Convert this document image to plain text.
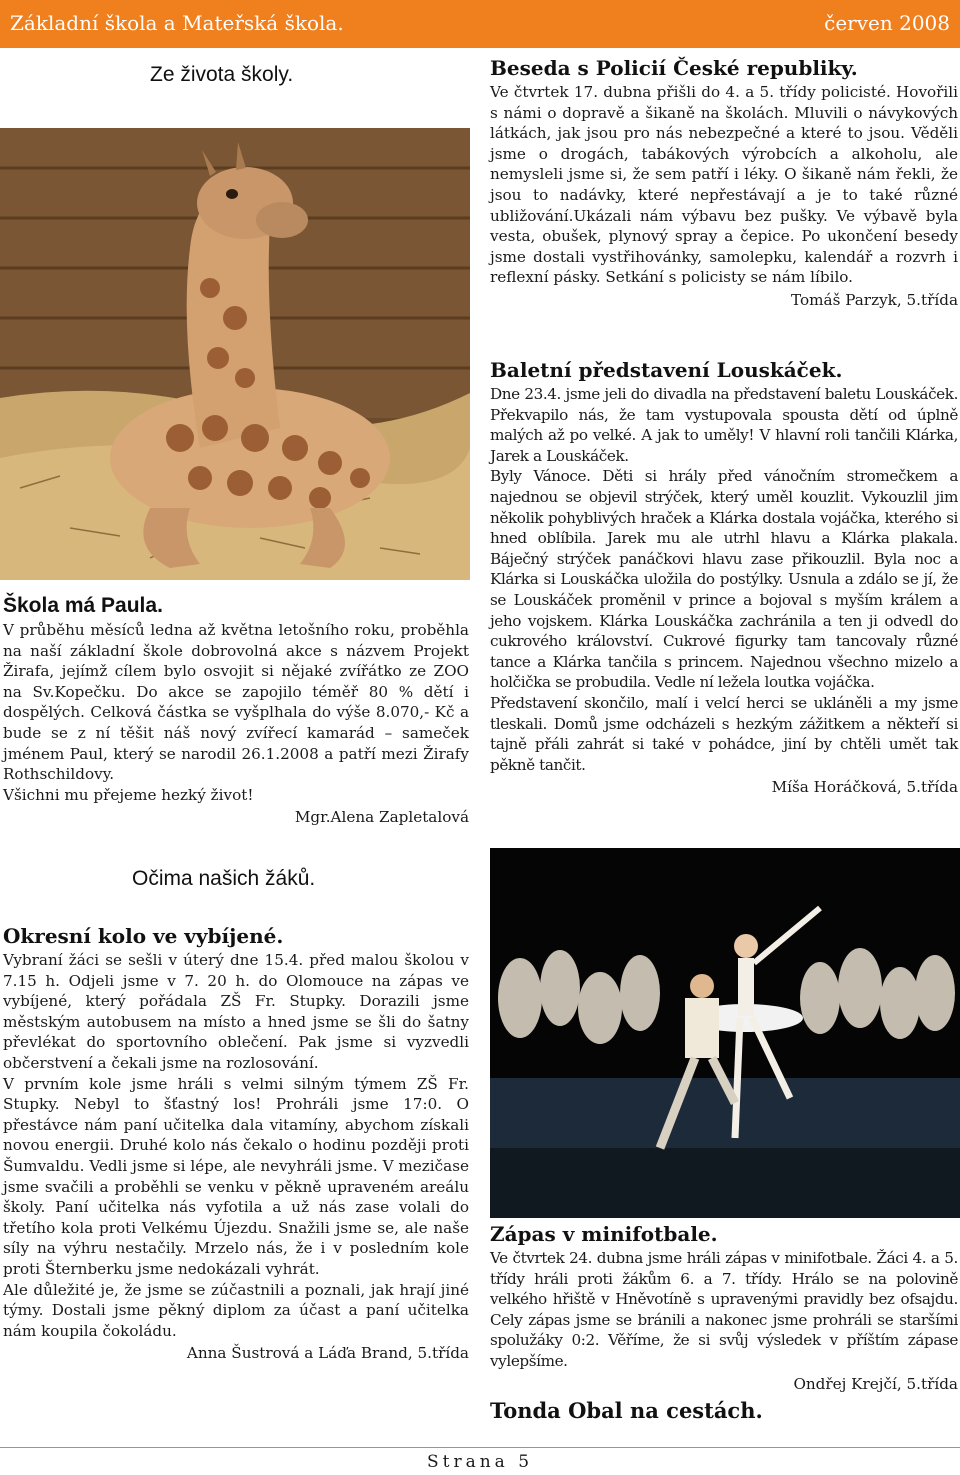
Základní škola a Mateřská škola.	červen 2008
Ze života školy.
Škola má Paula.

V průběhu měsíců ledna až května letošního roku, proběhla na naší základní škole dobrovolná akce s názvem Projekt Žirafa, jejímž cílem bylo osvojit si nějaké zvířátko ze ZOO na Sv.Kopečku. Do akce se zapojilo téměř 80 % dětí i dospělých. Celková částka se vyšplhala do výše 8.070,- Kč a bude se z ní těšit náš nový zvířecí kamarád – sameček jménem Paul, který se narodil 26.1.2008 a patří mezi Žirafy Rothschildovy.

Všichni mu přejeme hezký život!

Mgr.Alena Zapletalová
Očima našich žáků.
Okresní kolo ve vybíjené.

Vybraní žáci se sešli v úterý dne 15.4. před malou školou v 7.15 h. Odjeli jsme v 7. 20 h. do Olomouce na zápas ve vybíjené, který pořádala ZŠ Fr. Stupky. Dorazili jsme městským autobusem na místo a hned jsme se šli do šatny převlékat do sportovního oblečení. Pak jsme si vyzvedli občerstvení a čekali jsme na rozlosování.

V prvním kole jsme hráli s velmi silným týmem ZŠ Fr. Stupky. Nebyl to šťastný los! Prohráli jsme 17:0. O přestávce nám paní učitelka dala vitamíny, abychom získali novou energii. Druhé kolo nás čekalo o hodinu později proti Šumvaldu. Vedli jsme si lépe, ale nevyhráli jsme. V mezičase jsme svačili a proběhli se venku v pěkně upraveném areálu školy. Paní učitelka nás vyfotila a už nás zase volali do třetího kola proti Velkému Újezdu. Snažili jsme se, ale naše síly na výhru nestačily. Mrzelo nás, že i v posledním kole proti Šternberku jsme nedokázali vyhrát.

Ale důležité je, že jsme se zúčastnili a poznali, jak hrají jiné týmy. Dostali jsme pěkný diplom za účast a paní učitelka nám koupila čokoládu.

Anna Šustrová a Láďa Brand, 5.třída
Beseda s Policií České republiky.

Ve čtvrtek 17. dubna přišli do 4. a 5. třídy policisté. Hovořili s námi o dopravě a šikaně na školách. Mluvili o návykových látkách, jak jsou pro nás nebezpečné a které to jsou. Věděli jsme o drogách, tabákových výrobcích a alkoholu, ale nemysleli jsme si, že sem patří i léky. O šikaně nám řekli, že jsou to nadávky, které nepřestávají a je to také různé ubližování.Ukázali nám výbavu bez pušky. Ve výbavě byla vesta, obušek, plynový spray a čepice. Po ukončení besedy jsme dostali vystřihovánky, samolepku, kalendář a rozvrh i reflexní pásky. Setkání s policisty se nám líbilo.

Tomáš Parzyk, 5.třída
Baletní představení Louskáček.

Dne 23.4. jsme jeli do divadla na představení baletu Louskáček. Překvapilo nás, že tam vystupovala spousta dětí od úplně malých až po velké. A jak to uměly! V hlavní roli tančili Klárka, Jarek a Louskáček.

Byly Vánoce. Děti si hrály před vánočním stromečkem a najednou se objevil strýček, který uměl kouzlit. Vykouzlil jim několik pohyblivých hraček a Klárka dostala vojáčka, kterého si hned oblíbila. Jarek mu ale utrhl hlavu a Klárka plakala. Báječný strýček panáčkovi hlavu zase přikouzlil. Byla noc a Klárka si Louskáčka uložila do postýlky. Usnula a zdálo se jí, že se Louskáček proměnil v prince a bojoval s myším králem a jeho vojskem. Klárka Louskáčka zachránila a ten ji odvedl do cukrového království. Cukrové figurky tam tancovaly různé tance a Klárka tančila s princem. Najednou všechno mizelo a holčička se probudila. Vedle ní ležela loutka vojáčka.

Představení skončilo, malí i velcí herci se ukláněli a my jsme tleskali. Domů jsme odcházeli s hezkým zážitkem a někteří si tajně přáli zahrát si také v pohádce, jiní by chtěli umět tak pěkně tančit.

Míša Horáčková, 5.třída
Zápas v minifotbale.

Ve čtvrtek 24. dubna jsme hráli zápas v minifotbale. Žáci 4. a 5. třídy hráli proti žákům 6. a 7. třídy. Hrálo se na polovině velkého hřiště v Hněvotíně s upravenými pravidly bez ofsajdu. Cely zápas jsme se bránili a nakonec jsme prohráli se staršími spolužáky 0:2. Věříme, že si svůj výsledek v příštím zápase vylepšíme.

Ondřej Krejčí, 5.třída
Tonda Obal na cestách.
Strana 5
